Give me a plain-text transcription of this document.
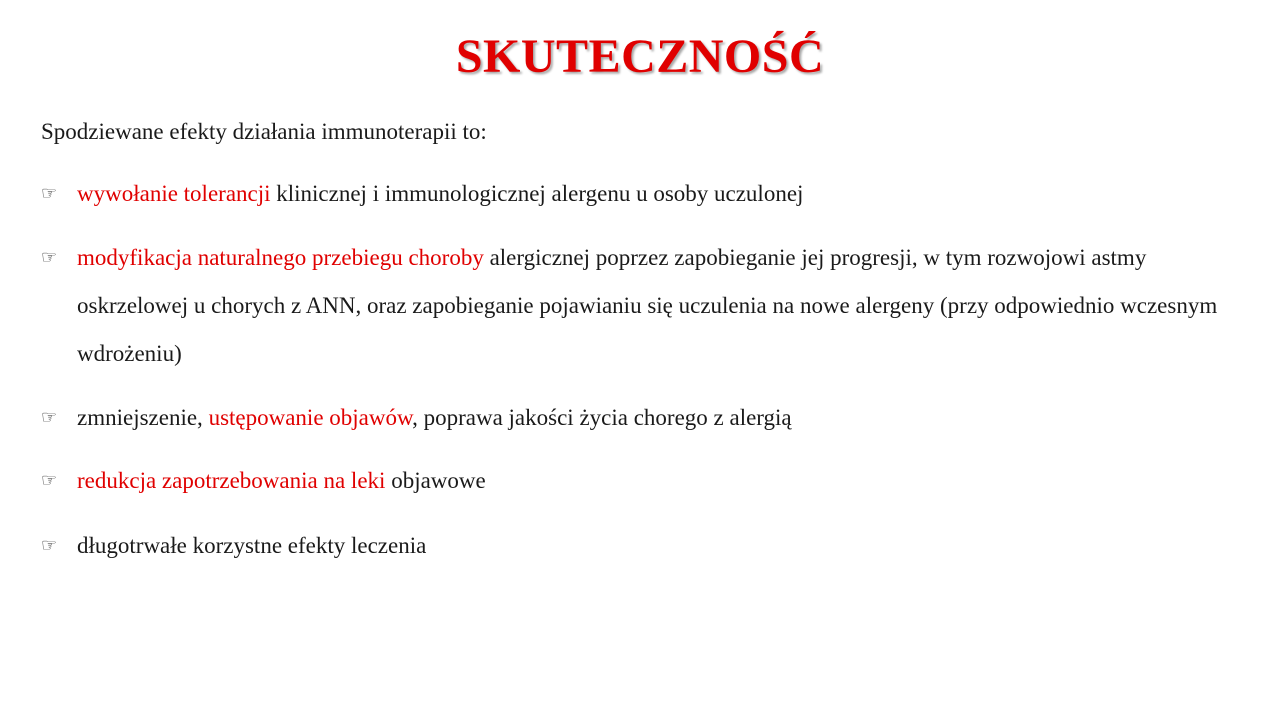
SKUTECZNOŚĆ
Spodziewane efekty działania immunoterapii to:
☞ wywołanie tolerancji klinicznej i immunologicznej alergenu u osoby uczulonej
☞ modyfikacja naturalnego przebiegu choroby alergicznej poprzez zapobieganie jej progresji, w tym rozwojowi astmy oskrzelowej u chorych z ANN, oraz zapobieganie pojawianiu się uczulenia na nowe alergeny (przy odpowiednio wczesnym wdrożeniu)
☞ zmniejszenie, ustępowanie objawów, poprawa jakości życia chorego z alergią
☞ redukcja zapotrzebowania na leki objawowe
☞ długotrwałe korzystne efekty leczenia
